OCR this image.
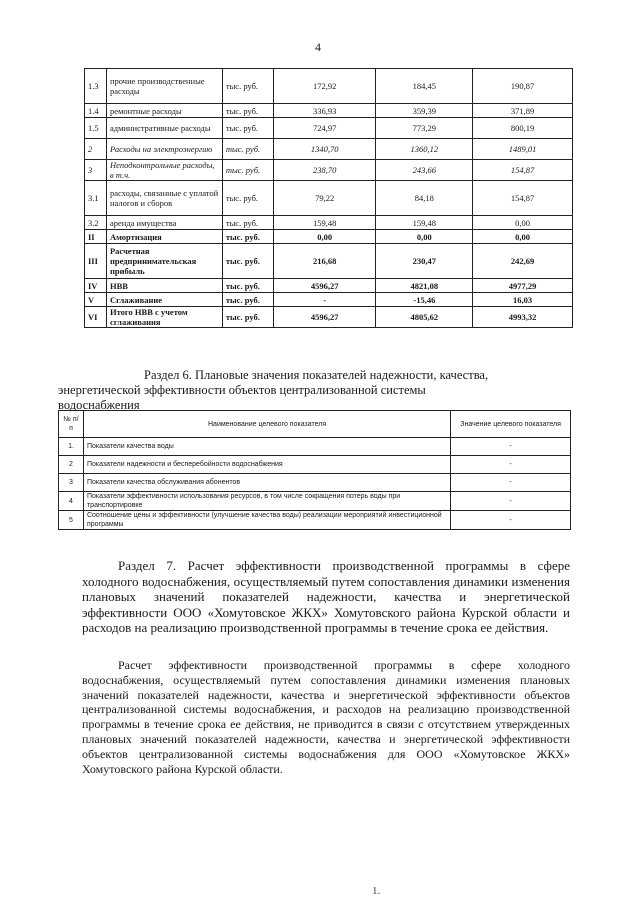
4
1.3	прочие производственные расходы	тыс. руб.	172,92	184,45	190,87
1.4	ремонтные расходы	тыс. руб.	336,93	359,39	371,89
1.5	административные расходы	тыс. руб.	724,97	773,29	800,19
2	Расходы на электроэнергию	тыс. руб.	1340,70	1360,12	1489,01
3	Неподконтрольные расходы, в т.ч.	тыс. руб.	238,70	243,66	154,87
3.1	расходы, связанные с уплатой налогов и сборов	тыс. руб.	79,22	84,18	154,87
3.2	аренда имущества	тыс. руб.	159,48	159,48	0,00
II	Амортизация	тыс. руб.	0,00	0,00	0,00
III	Расчетная предпринимательская прибыль	тыс. руб.	216,68	230,47	242,69
IV	НВВ	тыс. руб.	4596,27	4821,08	4977,29
V	Сглаживание	тыс. руб.	-	-15,46	16,03
VI	Итого НВВ с учетом сглаживания	тыс. руб.	4596,27	4805,62	4993,32
Раздел 6. Плановые значения показателей надежности, качества,
энергетической эффективности объектов централизованной системы
водоснабжения
№ п/п	Наименование целевого показателя	Значение целевого показателя
1.	Показатели качества воды	-
2	Показатели надежности и бесперебойности водоснабжения	-
3	Показатели качества обслуживания абонентов	-
4	Показатели эффективности использования ресурсов, в том числе сокращения потерь воды при транспортировке	-
5	Соотношение цены и эффективности (улучшение качества воды) реализации мероприятий инвестиционной программы	-
Раздел 7. Расчет эффективности производственной программы в сфере холодного водоснабжения, осуществляемый путем сопоставления динамики изменения плановых значений показателей надежности, качества и энергетической эффективности ООО «Хомутовское ЖКХ» Хомутовского района Курской области и расходов на реализацию производственной программы в течение срока ее действия.
Расчет эффективности производственной программы в сфере холодного водоснабжения, осуществляемый путем сопоставления динамики изменения плановых значений показателей надежности, качества и энергетической эффективности объектов централизованной системы водоснабжения, и расходов на реализацию производственной программы в течение срока ее действия, не приводится в связи с отсутствием утвержденных плановых значений показателей надежности, качества и энергетической эффективности объектов централизованной системы водоснабжения для ООО «Хомутовское ЖКХ» Хомутовского района Курской области.
1.
